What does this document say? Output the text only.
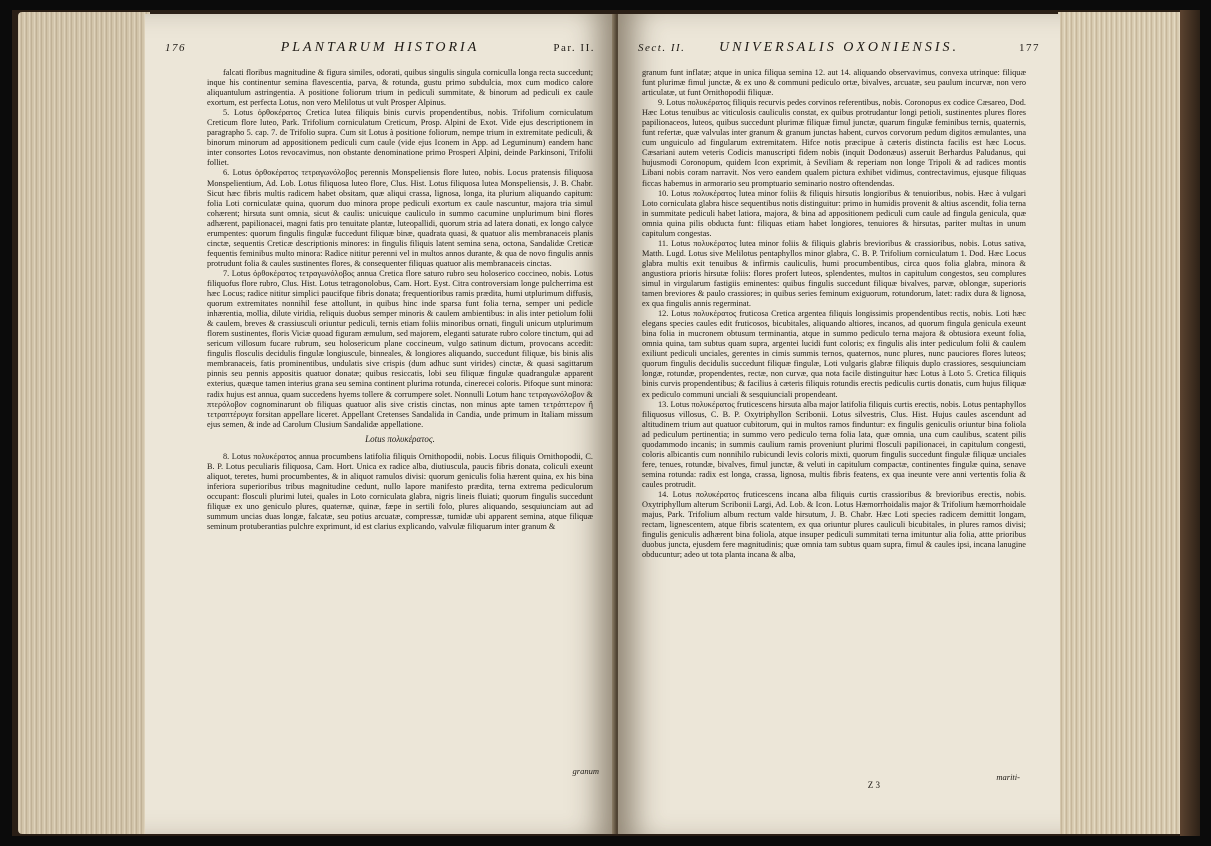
176	PLANTARUM HISTORIA	Par. II.

falcati floribus magnitudine & figura similes, odorati, quibus singulis singula corniculla longa recta succedunt; inque his continentur semina flavescentia, parva, & rotunda, gustu primo subdulcia, mox cum modico calore aliquantulum astringentia. A positione foliorum trium in pediculi summitate, & binorum ad pediculi ex caule exortum, est perfecta Lotus, non vero Melilotus ut vult Prosper Alpinus.

5. Lotus ὀρθοκέρατος Cretica lutea filiquis binis curvis propendentibus, nobis. Trifolium corniculatum Creticum flore luteo, Park. Trifolium corniculatum Creticum, Prosp. Alpini de Exot. Vide ejus descriptionem in paragrapho 5. cap. 7. de Trifolio supra. Cum sit Lotus à positione foliorum, nempe trium in extremitate pediculi, & binorum minorum ad appositionem pediculi cum caule (vide ejus Iconem in App. ad Leguminum) eandem hanc inter consortes Lotos revocavimus, non obstante denominatione primo Prosperi Alpini, deinde Parkinsoni, Trifolii folliet.

6. Lotus ὀρθοκέρατος τετραγωνόλοβος perennis Monspeliensis flore luteo, nobis. Locus pratensis filiquosa Monspelientium, Ad. Lob. Lotus filiquosa luteo flore, Clus. Hist. Lotus filiquosa lutea Monspeliensis, J. B. Chabr. Sicut hæc fibris multis radicem habet obsitam, quæ aliqui crassa, lignosa, longa, ita plurium aliquando capitum: folia Loti corniculatæ quina, quorum duo minora prope pediculi exortum ex caule nascuntur, majora tria simul cohærent; hirsuta sunt omnia, sicut & caulis: unicuique cauliculo in summo cacumine unplurimum bini flores adhærent, papilionacei, magni fatis pro tenuitate plantæ, luteopallidi, quorum stria ad latera donati, ex longo calyce erumpentes: quorum fingulis fingulæ fuccedunt filiquæ binæ, quadrata quasi, & quatuor alis membranaceis planis cinctæ, sequentis Creticæ descriptionis minores: in fingulis filiquis latent semina sena, octona, Sandalidæ Creticæ fequentis feminibus multo minora: Radice nititur perenni vel in multos annos durante, & qua de novo fingulis annis protrudunt folia & caules sustinentes flores, & consequenter filiquas quatuor alis membranaceis cinctas.

7. Lotus ὀρθοκέρατος τετραγωνόλοβος annua Cretica flore saturo rubro seu holoserico coccineo, nobis. Lotus filiquofus flore rubro, Clus. Hist. Lotus tetragonolobus, Cam. Hort. Eyst. Citra controversiam longe pulcherrima est hæc Locus; radice nititur simplici paucifque fibris donata; frequentioribus ramis prædita, humi utplurimum diffusis, quorum extremitates nonnihil fese attollunt, in quibus hinc inde sparsa funt folia terna, semper uni pedicle inhærentia, mollia, dilute viridia, reliquis duobus semper minoris & caulem ambientibus: in alis inter petiolum folii & caulem, breves & crassiusculi oriuntur pediculi, ternis etiam foliis minoribus ornati, finguli unicum utplurimum florem sustinentes, floris Viciæ quoad figuram æmulum, sed majorem, eleganti saturate rubro colore tinctum, qui ad sericum villosum fucare rubrum, seu holosericum plane coccineum, vulgo satinum dictum, provocans accedit: fingulis flosculis decidulis fingulæ longiuscule, binneales, & longiores aliquando, succedunt filiquæ, bis binis alis membranaceis, fatis prominentibus, undulatis sive crispis (dum adhuc sunt virides) cinctæ, & quasi sagittarum pinnis seu pennis appositis quatuor donatæ; quibus resiccatis, lobi seu filiquæ fingulæ quadrangulæ apparent exterius, quæque tamen interius grana seu semina continent plurima rotunda, cinerecei coloris. Pifoque sunt minora: radix hujus est annua, quam succedens hyems tollere & corrumpere solet. Nonnulli Lotum hanc τετραγωνόλοβον & πτερόλοβον cognominarunt ob filiquas quatuor alis sive cristis cinctas, non minus apte tamen τετράπτερον ἢ τετραπτέρυγα forsitan appellare liceret. Appellant Cretenses Sandalida in Candia, unde primum in Italiam missum ejus semen, & inde ad Carolum Clusium Sandalidæ appellatione.

Lotus πολυκέρατος.

8. Lotus πολυκέρατος annua procumbens latifolia filiquis Ornithopodii, nobis. Locus filiquis Ornithopodii, C. B. P. Lotus peculiaris filiquosa, Cam. Hort. Unica ex radice alba, diutiuscula, paucis fibris donata, coliculi exeunt aliquot, teretes, humi procumbentes, & in aliquot ramulos divisi: quorum geniculis folia hærent quina, ex his bina inferiora superioribus tribus magnitudine cedunt, nullo lapore manifesto prædita, terna extrema pediculorum occupant: flosculi plurimi lutei, quales in Loto corniculata glabra, nigris lineis fluiati; quorum fingulis succedunt filiquæ ex uno geniculo plures, quaternæ, quinæ, fæpe in sertili folo, plures aliquando, sesquiunciam aut ad summum uncias duas longæ, falcatæ, seu potius arcuatæ, compressæ, tumidæ ubi apparent semina, atque filiquæ seminum protuberantias pulchre exprimunt, id est clarius explicando, valvulæ filiquarum inter granum &

granum
Sect. II.	UNIVERSALIS OXONIENSIS.	177

granum funt inflatæ; atque in unica filiqua semina 12. aut 14. aliquando observavimus, convexa utrinque: filiquæ funt plurimæ fimul junctæ, & ex uno & communi pediculo ortæ, bivalves, arcuatæ, seu paulum incurvæ, non vero articulatæ, ut funt Ornithopodii filiquæ.

9. Lotus πολυκέρατος filiquis recurvis pedes corvinos referentibus, nobis. Coronopus ex codice Cæsareo, Dod. Hæc Lotus tenuibus ac viticulosis cauliculis constat, ex quibus protrudantur longi petioli, sustinentes plures flores papilionaceos, luteos, quibus succedunt plurimæ filiquæ fimul junctæ, quarum fingulæ feminibus ternis, quaternis, funt refertæ, quæ valvulas inter granum & granum junctas habent, curvos corvorum pedum digitos æmulantes, una cum unguiculo ad fingularum extremitatem. Hifce notis præcipue à cæteris distincta facilis est hæc Locus. Cæsariani autem veteris Codicis manuscripti fidem nobis (inquit Dodonæus) asseruit Berhardus Paludanus, qui hujusmodi Coronopum, quidem Icon exprimit, à Seviliam & reperiam non longe Tripoli & ad radices montis Libani nobis coram narravit. Nos vero eandem qualem pictura exhibet vidimus, contrectavimus, ejusque filiquas ficcas habemus in armorario seu promptuario seminario nostro oftendendas.

10. Lotus πολυκέρατος lutea minor foliis & filiquis hirsutis longioribus & tenuioribus, nobis. Hæc à vulgari Loto corniculata glabra hisce sequentibus notis distinguitur: primo in humidis provenit & altius ascendit, folia terna in summitate pediculi habet latiora, majora, & bina ad appositionem pediculi cum caule ad fingula genicula, quæ omnia quina pilis obducta funt: filiquas etiam habet longiores, tenuiores & hirsutas, pariter multas in unum capitulum congestas.

11. Lotus πολυκέρατος lutea minor foliis & filiquis glabris brevioribus & crassioribus, nobis. Lotus sativa, Matth. Lugd. Lotus sive Melilotus pentaphyllos minor glabra, C. B. P. Trifolium corniculatum 1. Dod. Hæc Locus glabra multis exit tenuibus & infirmis cauliculis, humi procumbentibus, circa quos folia glabra, minora & angustiora prioris hirsutæ foliis: flores profert luteos, splendentes, multos in capitulum congestos, seu complures simul in virgularum fastigiis eminentes: quibus fingulis succedunt filiquæ bivalves, parvæ, oblongæ, superioris tamen breviores & paulo crassiores; in quibus series feminum exiguorum, rotundorum, latet: radix dura & lignosa, ex qua fingulis annis regerminat.

12. Lotus πολυκέρατος fruticosa Cretica argentea filiquis longissimis propendentibus rectis, nobis. Loti hæc elegans species caules edit fruticosos, bicubitales, aliquando altiores, incanos, ad quorum fingula genicula exeunt bina folia in mucronem obtusum terminantia, atque in summo pediculo terna majora & obtusiora exeunt folia, omnia quina, tam subtus quam supra, argentei lucidi funt coloris; ex fingulis alis inter pediculum folii & caulem exiliunt pediculi unciales, gerentes in cimis summis ternos, quaternos, nunc plures, nunc pauciores flores luteos; quorum fingulis decidulis succedunt filiquæ fingulæ, Loti vulgaris glabræ filiquis duplo crassiores, sesquiunciam longæ, rotundæ, propendentes, rectæ, non curvæ, qua nota facile distinguitur hæc Lotus à Loto 5. Cretica filiquis binis curvis propendentibus; & facilius à cæteris filiquis rotundis erectis pediculis curtis donatis, cum hujus filiquæ ex pediculo communi unciali & sesquiunciali propendeant.

13. Lotus πολυκέρατος fruticescens hirsuta alba major latifolia filiquis curtis erectis, nobis. Lotus pentaphyllos filiquosus villosus, C. B. P. Oxytriphyllon Scribonii. Lotus silvestris, Clus. Hist. Hujus caules ascendunt ad altitudinem trium aut quatuor cubitorum, qui in multos ramos finduntur: ex fingulis geniculis oriuntur bina foliola ad pediculum pertinentia; in summo vero pediculo terna folia lata, quæ omnia, una cum caulibus, scatent pilis quodammodo incanis; in summis caulium ramis proveniunt plurimi flosculi papilionacei, in capitulum congesti, coloris albicantis cum nonnihilo rubicundi levis coloris mixti, quorum fingulis succedunt fingulæ filiquæ unciales fere, tenues, rotundæ, bivalves, fimul junctæ, & veluti in capitulum compactæ, continentes fingulæ quina, senave semina rotunda: radix est longa, crassa, lignosa, multis fibris featens, ex qua ineunte vere anni vertentis folia & caules protrudit.

14. Lotus πολυκέρατος fruticescens incana alba filiquis curtis crassioribus & brevioribus erectis, nobis. Oxytriphyllum alterum Scribonii Largi, Ad. Lob. & Icon. Lotus Hæmorrhoidalis major & Trifolium hæmorrhoidale majus, Park. Trifolium album rectum valde hirsutum, J. B. Chabr. Hæc Loti species radicem demittit longam, rectam, lignescentem, atque fibris scatentem, ex qua oriuntur plures cauliculi bicubitales, in plures ramos divisi; fingulis geniculis adhærent bina foliola, atque insuper pediculi summitati terna imituntur alia folia, attte prioribus duobus juncta, ejusdem fere magnitudinis; quæ omnia tam subtus quam supra, fimul & caules ipsi, incana lanugine obducuntur; adeo ut tota planta incana & alba,

Z 3
mariti-
